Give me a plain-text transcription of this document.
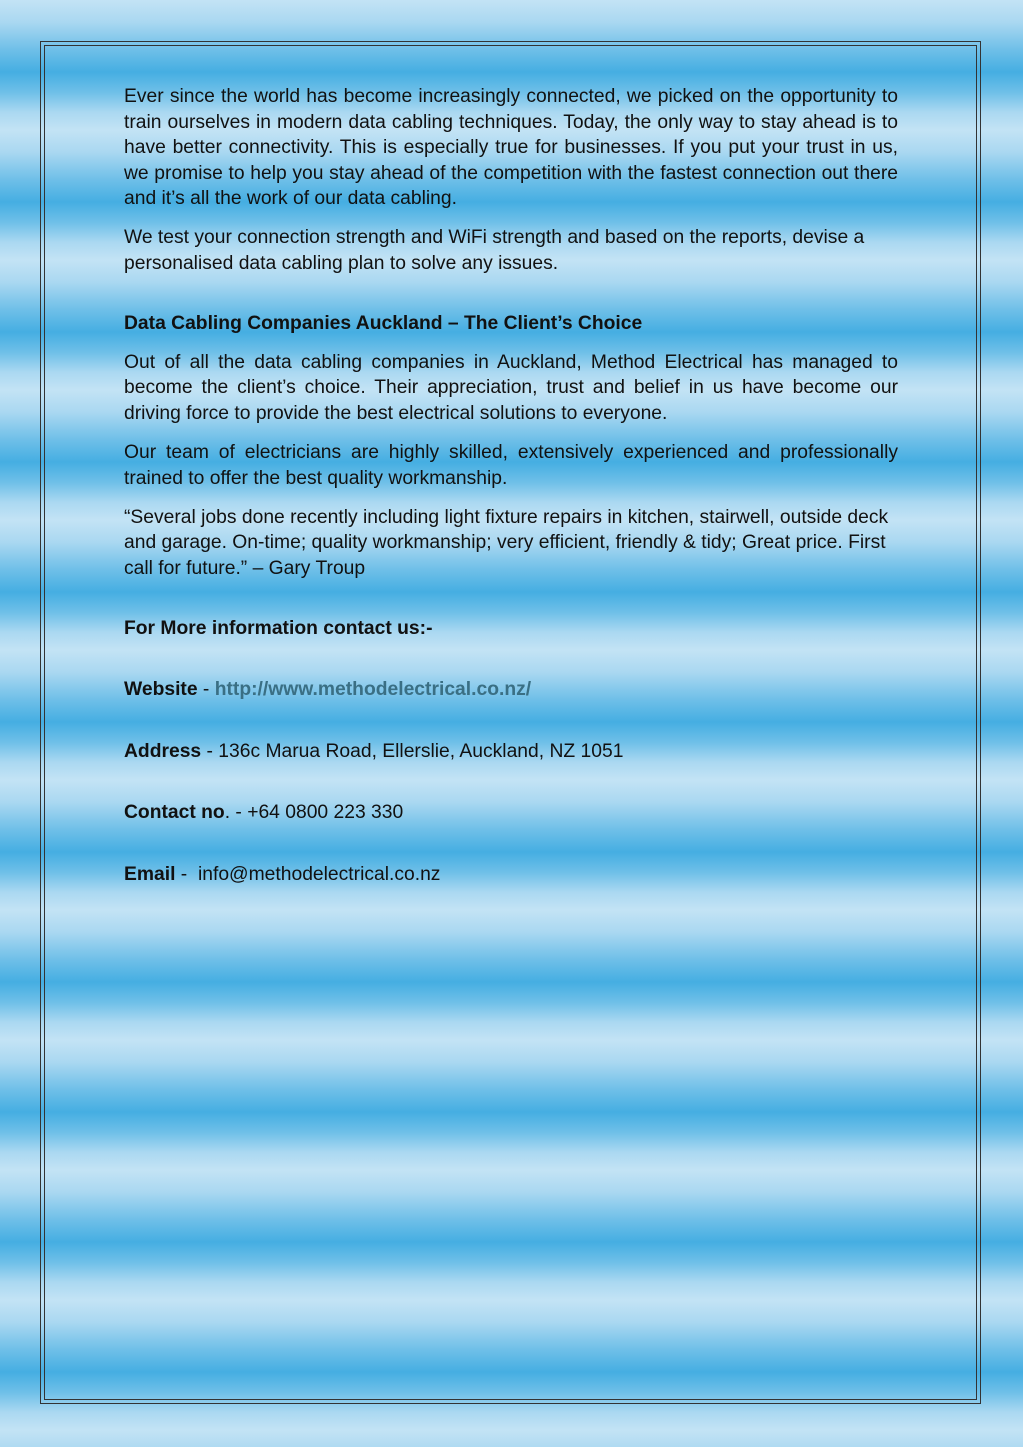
Ever since the world has become increasingly connected, we picked on the opportunity to train ourselves in modern data cabling techniques. Today, the only way to stay ahead is to have better connectivity. This is especially true for businesses. If you put your trust in us, we promise to help you stay ahead of the competition with the fastest connection out there and it’s all the work of our data cabling.

We test your connection strength and WiFi strength and based on the reports, devise a personalised data cabling plan to solve any issues.

Data Cabling Companies Auckland – The Client’s Choice

Out of all the data cabling companies in Auckland, Method Electrical has managed to become the client’s choice. Their appreciation, trust and belief in us have become our driving force to provide the best electrical solutions to everyone.

Our team of electricians are highly skilled, extensively experienced and professionally trained to offer the best quality workmanship.

“Several jobs done recently including light fixture repairs in kitchen, stairwell, outside deck and garage. On-time; quality workmanship; very efficient, friendly & tidy; Great price. First call for future.” – Gary Troup

For More information contact us:-

Website - http://www.methodelectrical.co.nz/

Address - 136c Marua Road, Ellerslie, Auckland, NZ 1051

Contact no. - +64 0800 223 330

Email -  info@methodelectrical.co.nz
